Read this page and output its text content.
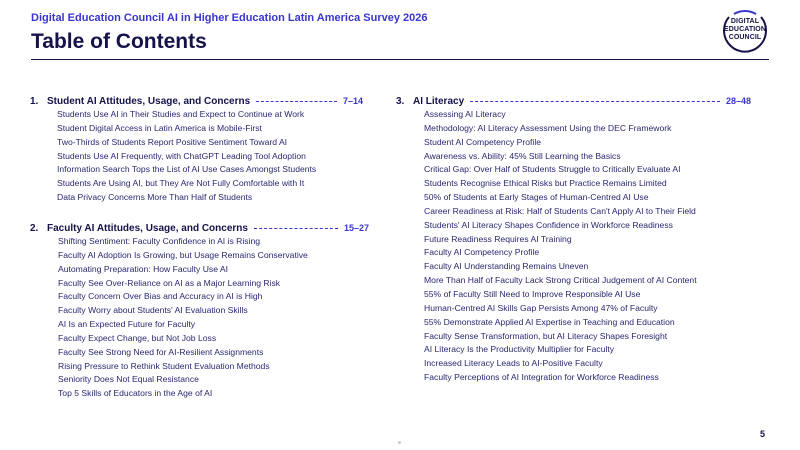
Digital Education Council AI in Higher Education Latin America Survey 2026
Table of Contents
DIGITAL
EDUCATION
COUNCIL
1. Student AI Attitudes, Usage, and Concerns	7–14
Students Use AI in Their Studies and Expect to Continue at Work
Student Digital Access in Latin America is Mobile-First
Two-Thirds of Students Report Positive Sentiment Toward AI
Students Use AI Frequently, with ChatGPT Leading Tool Adoption
Information Search Tops the List of AI Use Cases Amongst Students
Students Are Using AI, but They Are Not Fully Comfortable with It
Data Privacy Concerns More Than Half of Students
2. Faculty AI Attitudes, Usage, and Concerns	15–27
Shifting Sentiment: Faculty Confidence in AI is Rising
Faculty AI Adoption Is Growing, but Usage Remains Conservative
Automating Preparation: How Faculty Use AI
Faculty See Over-Reliance on AI as a Major Learning Risk
Faculty Concern Over Bias and Accuracy in AI is High
Faculty Worry about Students' AI Evaluation Skills
AI Is an Expected Future for Faculty
Faculty Expect Change, but Not Job Loss
Faculty See Strong Need for AI-Resilient Assignments
Rising Pressure to Rethink Student Evaluation Methods
Seniority Does Not Equal Resistance
Top 5 Skills of Educators in the Age of AI
3. AI Literacy	28–48
Assessing AI Literacy
Methodology: AI Literacy Assessment Using the DEC Framework
Student AI Competency Profile
Awareness vs. Ability: 45% Still Learning the Basics
Critical Gap: Over Half of Students Struggle to Critically Evaluate AI
Students Recognise Ethical Risks but Practice Remains Limited
50% of Students at Early Stages of Human-Centred AI Use
Career Readiness at Risk: Half of Students Can't Apply AI to Their Field
Students' AI Literacy Shapes Confidence in Workforce Readiness
Future Readiness Requires AI Training
Faculty AI Competency Profile
Faculty AI Understanding Remains Uneven
More Than Half of Faculty Lack Strong Critical Judgement of AI Content
55% of Faculty Still Need to Improve Responsible AI Use
Human-Centred AI Skills Gap Persists Among 47% of Faculty
55% Demonstrate Applied AI Expertise in Teaching and Education
Faculty Sense Transformation, but AI Literacy Shapes Foresight
AI Literacy Is the Productivity Multiplier for Faculty
Increased Literacy Leads to AI-Positive Faculty
Faculty Perceptions of AI Integration for Workforce Readiness
5
